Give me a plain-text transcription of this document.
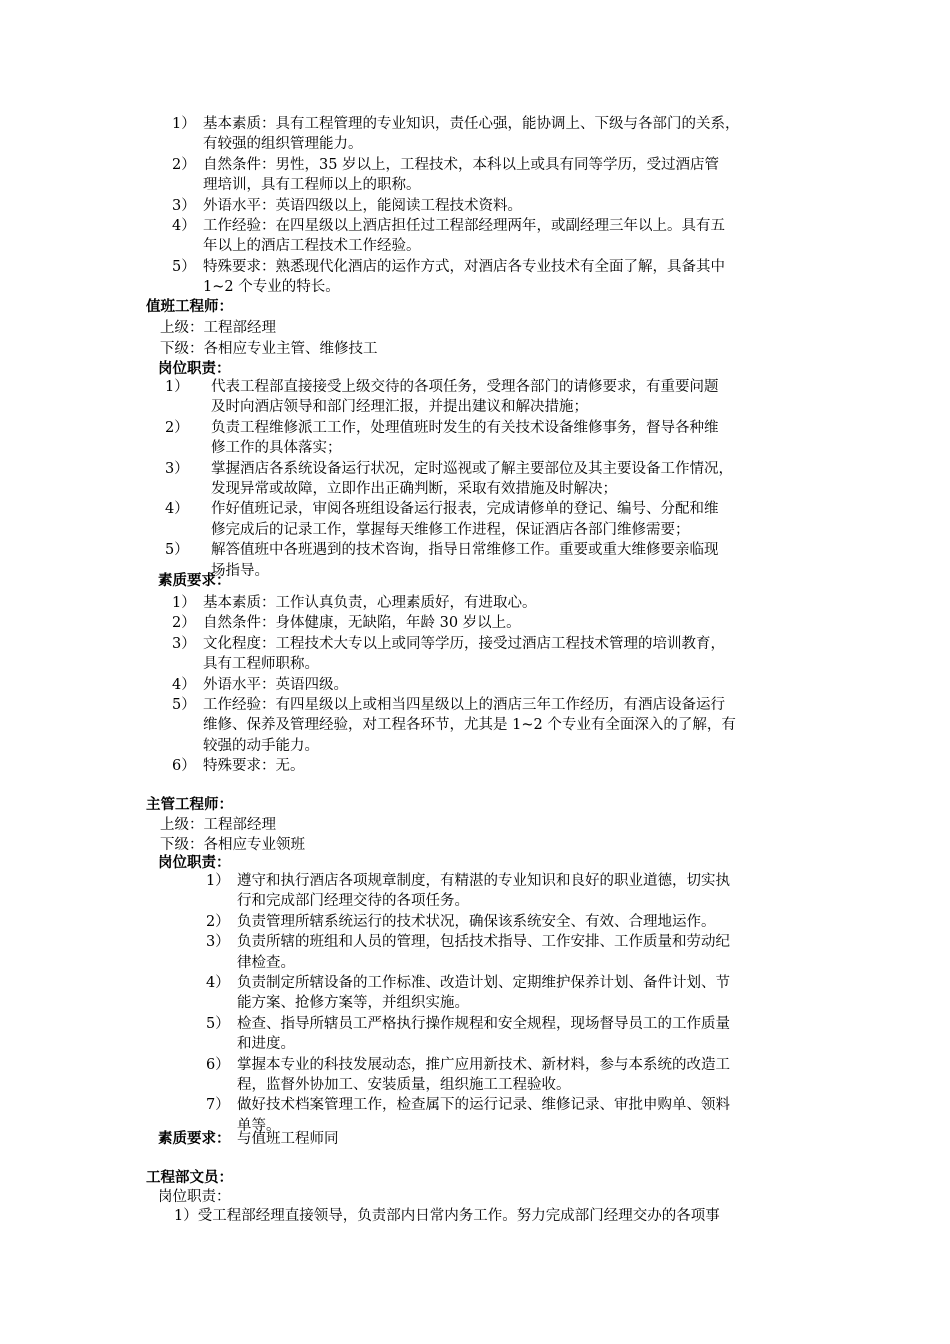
1） 基本素质：具有工程管理的专业知识，责任心强，能协调上、下级与各部门的关系，
有较强的组织管理能力。
2） 自然条件：男性，35 岁以上，工程技术，本科以上或具有同等学历，受过酒店管
理培训，具有工程师以上的职称。
3） 外语水平：英语四级以上，能阅读工程技术资料。
4） 工作经验：在四星级以上酒店担任过工程部经理两年，或副经理三年以上。具有五
年以上的酒店工程技术工作经验。
5） 特殊要求：熟悉现代化酒店的运作方式，对酒店各专业技术有全面了解，具备其中
1~2 个专业的特长。
值班工程师：
上级：工程部经理
下级：各相应专业主管、维修技工
岗位职责：
1） 代表工程部直接接受上级交待的各项任务，受理各部门的请修要求，有重要问题
及时向酒店领导和部门经理汇报，并提出建议和解决措施；
2） 负责工程维修派工工作，处理值班时发生的有关技术设备维修事务，督导各种维
修工作的具体落实；
3） 掌握酒店各系统设备运行状况，定时巡视或了解主要部位及其主要设备工作情况，
发现异常或故障，立即作出正确判断，采取有效措施及时解决；
4） 作好值班记录，审阅各班组设备运行报表，完成请修单的登记、编号、分配和维
修完成后的记录工作，掌握每天维修工作进程，保证酒店各部门维修需要；
5） 解答值班中各班遇到的技术咨询，指导日常维修工作。重要或重大维修要亲临现
场指导。
素质要求：
1） 基本素质：工作认真负责，心理素质好，有进取心。
2） 自然条件：身体健康，无缺陷，年龄 30 岁以上。
3） 文化程度：工程技术大专以上或同等学历，接受过酒店工程技术管理的培训教育，
具有工程师职称。
4） 外语水平：英语四级。
5） 工作经验：有四星级以上或相当四星级以上的酒店三年工作经历，有酒店设备运行
维修、保养及管理经验，对工程各环节，尤其是 1~2 个专业有全面深入的了解，有
较强的动手能力。
6） 特殊要求：无。
主管工程师：
上级：工程部经理
下级：各相应专业领班
岗位职责：
1） 遵守和执行酒店各项规章制度，有精湛的专业知识和良好的职业道德，切实执
行和完成部门经理交待的各项任务。
2） 负责管理所辖系统运行的技术状况，确保该系统安全、有效、合理地运作。
3） 负责所辖的班组和人员的管理，包括技术指导、工作安排、工作质量和劳动纪
律检查。
4） 负责制定所辖设备的工作标准、改造计划、定期维护保养计划、备件计划、节
能方案、抢修方案等，并组织实施。
5） 检查、指导所辖员工严格执行操作规程和安全规程，现场督导员工的工作质量
和进度。
6） 掌握本专业的科技发展动态，推广应用新技术、新材料，参与本系统的改造工
程，监督外协加工、安装质量，组织施工工程验收。
7） 做好技术档案管理工作，检查属下的运行记录、维修记录、审批申购单、领料
单等。
素质要求： 与值班工程师同
工程部文员：
岗位职责：
1）受工程部经理直接领导，负责部内日常内务工作。努力完成部门经理交办的各项事
